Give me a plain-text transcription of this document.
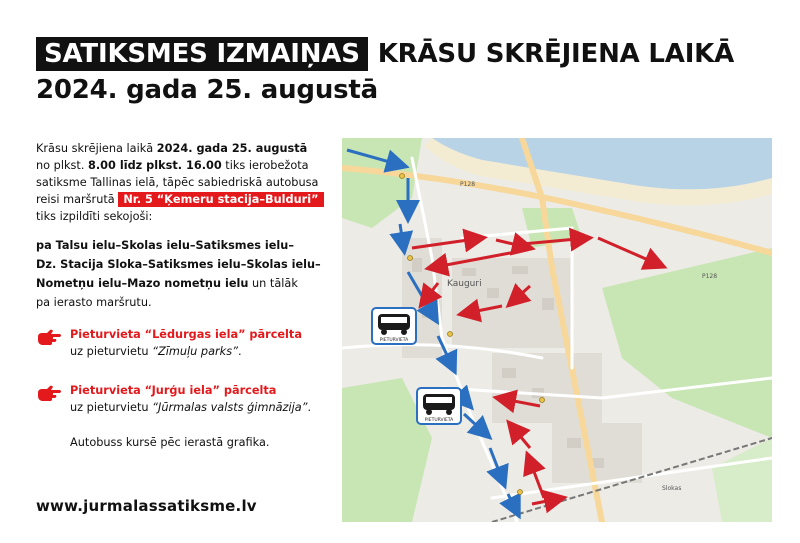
SATIKSMES IZMAIŅAS KRĀSU SKRĒJIENA LAIKĀ
2024. gada 25. augustā
Krāsu skrējiena laikā 2024. gada 25. augustā
no plkst. 8.00 līdz plkst. 16.00 tiks ierobežota
satiksme Tallinas ielā, tāpēc sabiedriskā autobusa
reisi maršrutā Nr. 5 “Ķemeru stacija–Bulduri”
tiks izpildīti sekojoši:
pa Talsu ielu–Skolas ielu–Satiksmes ielu–
Dz. Stacija Sloka–Satiksmes ielu–Skolas ielu–
Nometņu ielu–Mazo nometņu ielu un tālāk
pa ierasto maršrutu.
Pieturvieta “Lēdurgas iela” pārcelta
uz pieturvietu “Zīmuļu parks”.
Pieturvieta “Jurģu iela” pārcelta
uz pieturvietu “Jūrmalas valsts ģimnāzija”.
Autobuss kursē pēc ierastā grafika.
www.jurmalassatiksme.lv
Kauguri
P128
P128
Slokas
PIETURVIETA
PIETURVIETA
